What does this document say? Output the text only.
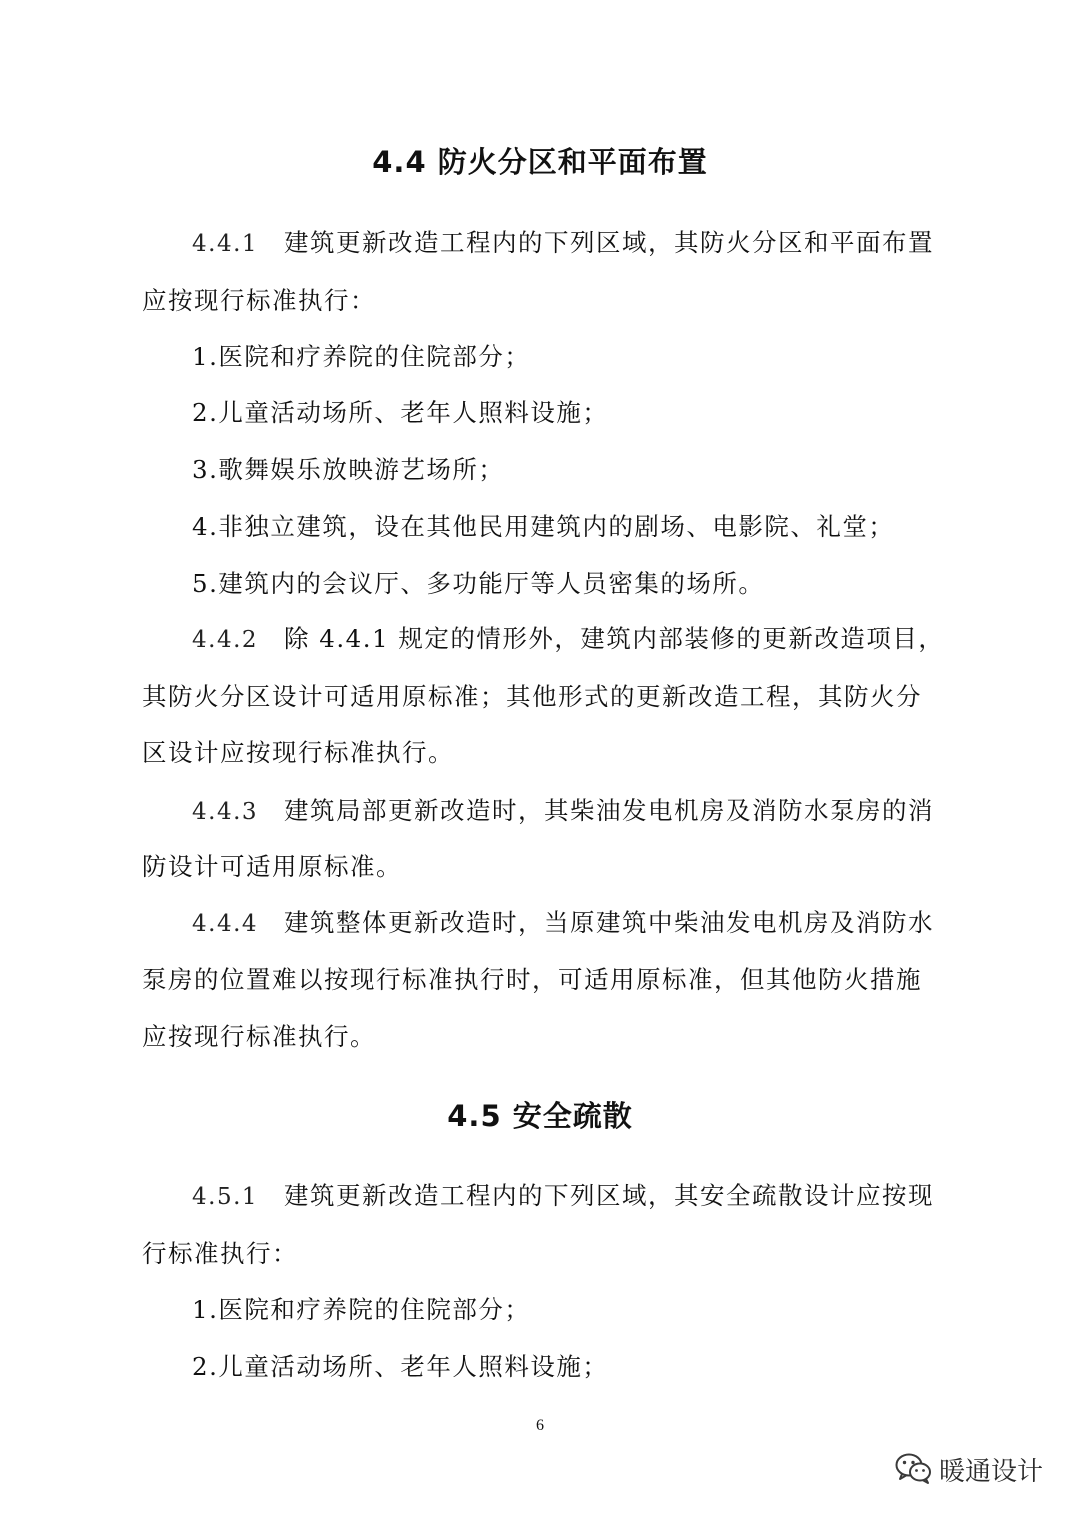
4.4 防火分区和平面布置
4.4.1 建筑更新改造工程内的下列区域，其防火分区和平面布置
应按现行标准执行：
1.医院和疗养院的住院部分；
2.儿童活动场所、老年人照料设施；
3.歌舞娱乐放映游艺场所；
4.非独立建筑，设在其他民用建筑内的剧场、电影院、礼堂；
5.建筑内的会议厅、多功能厅等人员密集的场所。
4.4.2 除 4.4.1 规定的情形外，建筑内部装修的更新改造项目，
其防火分区设计可适用原标准；其他形式的更新改造工程，其防火分
区设计应按现行标准执行。
4.4.3 建筑局部更新改造时，其柴油发电机房及消防水泵房的消
防设计可适用原标准。
4.4.4 建筑整体更新改造时，当原建筑中柴油发电机房及消防水
泵房的位置难以按现行标准执行时，可适用原标准，但其他防火措施
应按现行标准执行。
4.5 安全疏散
4.5.1 建筑更新改造工程内的下列区域，其安全疏散设计应按现
行标准执行：
1.医院和疗养院的住院部分；
2.儿童活动场所、老年人照料设施；
6
暖通设计
